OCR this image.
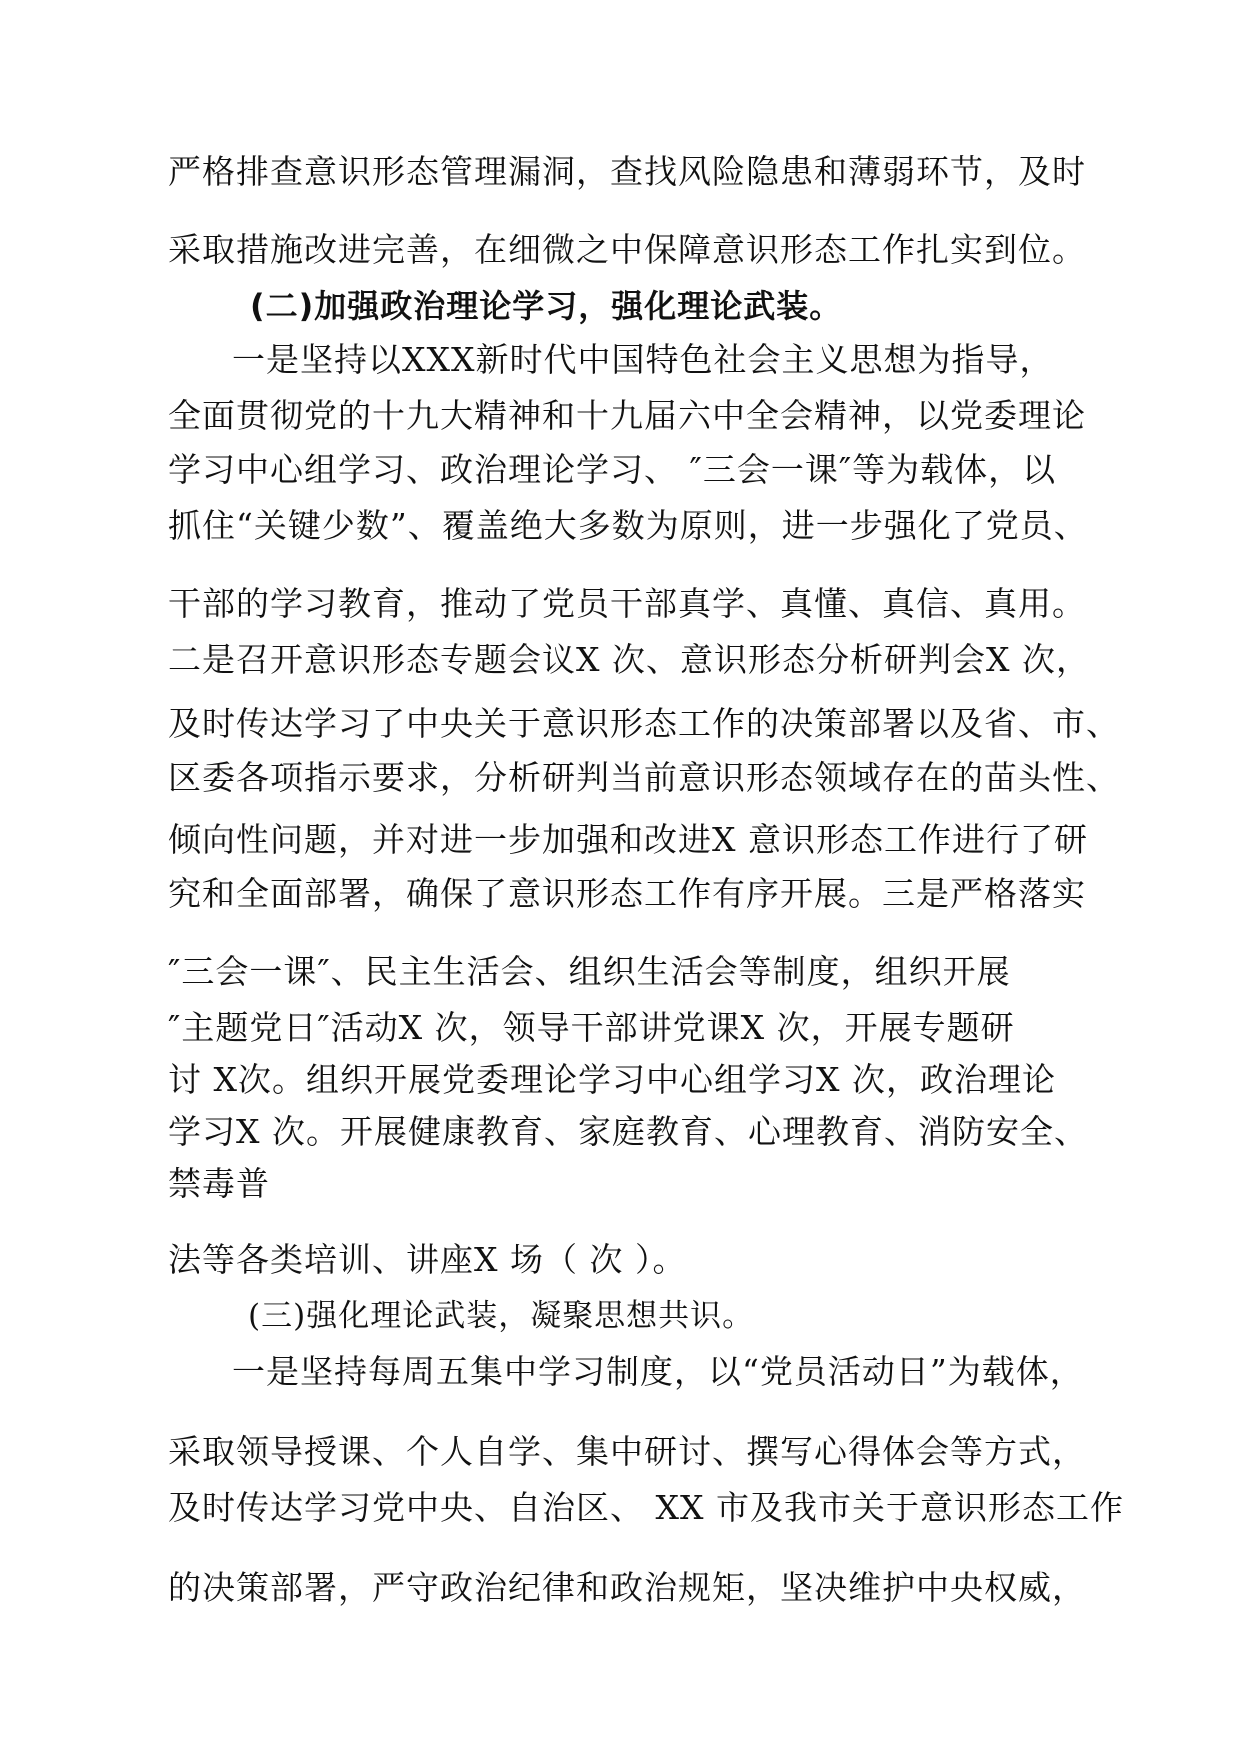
严格排查意识形态管理漏洞，查找风险隐患和薄弱环节，及时
采取措施改进完善，在细微之中保障意识形态工作扎实到位。
(二)加强政治理论学习，强化理论武装。
一是坚持以XXX新时代中国特色社会主义思想为指导，
全面贯彻党的十九大精神和十九届六中全会精神，以党委理论
学习中心组学习、政治理论学习、 ″三会一课″等为载体，以
抓住“关键少数”、覆盖绝大多数为原则，进一步强化了党员、
干部的学习教育，推动了党员干部真学、真懂、真信、真用。
二是召开意识形态专题会议X 次、意识形态分析研判会X 次，
及时传达学习了中央关于意识形态工作的决策部署以及省、市、
区委各项指示要求，分析研判当前意识形态领域存在的苗头性、
倾向性问题，并对进一步加强和改进X 意识形态工作进行了研
究和全面部署，确保了意识形态工作有序开展。三是严格落实
″三会一课″、民主生活会、组织生活会等制度，组织开展
″主题党日″活动X 次，领导干部讲党课X 次，开展专题研
讨 X次。组织开展党委理论学习中心组学习X 次，政治理论
学习X 次。开展健康教育、家庭教育、心理教育、消防安全、
禁毒普
法等各类培训、讲座X 场（ 次 ）。
(三)强化理论武装，凝聚思想共识。
一是坚持每周五集中学习制度，以“党员活动日”为载体，
采取领导授课、个人自学、集中研讨、撰写心得体会等方式，
及时传达学习党中央、自治区、 XX 市及我市关于意识形态工作
的决策部署，严守政治纪律和政治规矩，坚决维护中央权威，
